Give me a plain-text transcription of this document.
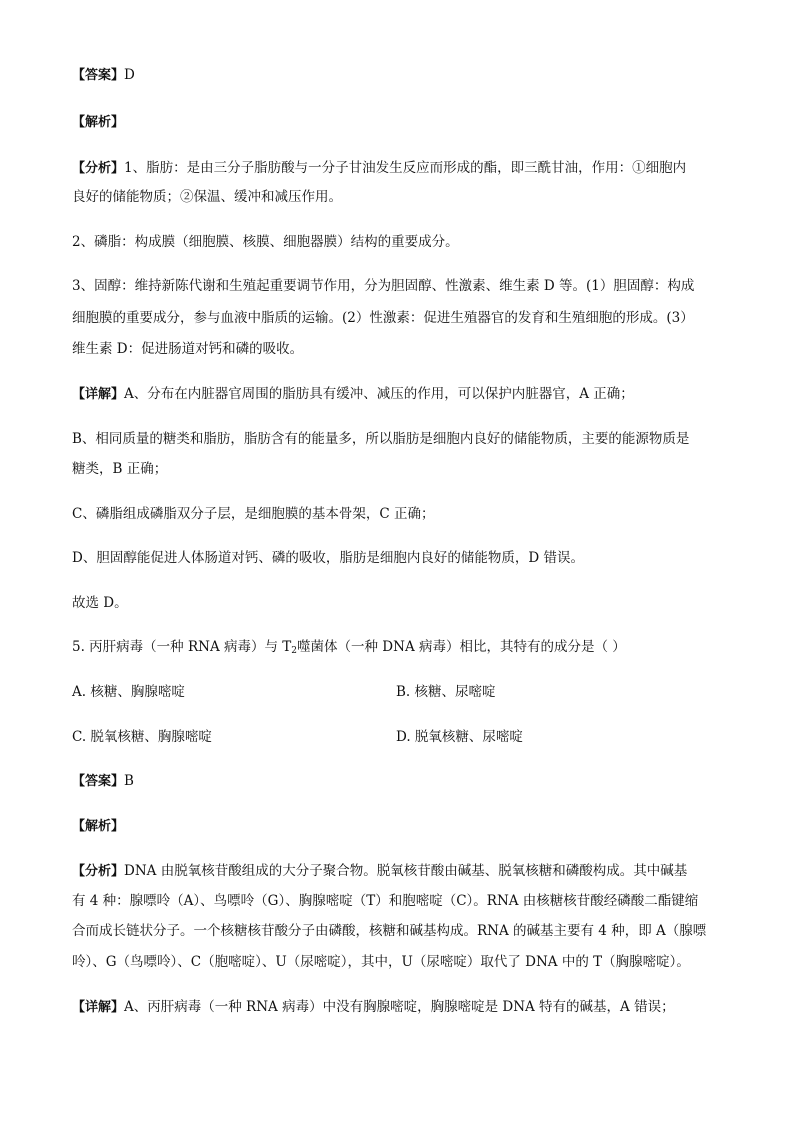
【答案】D
【解析】
【分析】1、脂肪：是由三分子脂肪酸与一分子甘油发生反应而形成的酯，即三酰甘油，作用：①细胞内
良好的储能物质；②保温、缓冲和减压作用。
2、磷脂：构成膜（细胞膜、核膜、细胞器膜）结构的重要成分。
3、固醇：维持新陈代谢和生殖起重要调节作用，分为胆固醇、性激素、维生素 D 等。(1）胆固醇：构成
细胞膜的重要成分，参与血液中脂质的运输。(2）性激素：促进生殖器官的发育和生殖细胞的形成。(3）
维生素 D：促进肠道对钙和磷的吸收。
【详解】A、分布在内脏器官周围的脂肪具有缓冲、减压的作用，可以保护内脏器官，A 正确；
B、相同质量的糖类和脂肪，脂肪含有的能量多，所以脂肪是细胞内良好的储能物质，主要的能源物质是
糖类，B 正确；
C、磷脂组成磷脂双分子层，是细胞膜的基本骨架，C 正确；
D、胆固醇能促进人体肠道对钙、磷的吸收，脂肪是细胞内良好的储能物质，D 错误。
故选 D。
5. 丙肝病毒（一种 RNA 病毒）与 $T_2$噬菌体（一种 DNA 病毒）相比，其特有的成分是（ ）
A. 核糖、胸腺嘧啶	B. 核糖、尿嘧啶
C. 脱氧核糖、胸腺嘧啶	D. 脱氧核糖、尿嘧啶
【答案】B
【解析】
【分析】DNA 由脱氧核苷酸组成的大分子聚合物。脱氧核苷酸由碱基、脱氧核糖和磷酸构成。其中碱基
有 4 种：腺嘌呤（A）、鸟嘌呤（G）、胸腺嘧啶（T）和胞嘧啶（C）。RNA 由核糖核苷酸经磷酸二酯键缩
合而成长链状分子。一个核糖核苷酸分子由磷酸，核糖和碱基构成。RNA 的碱基主要有 4 种，即 A（腺嘌
呤）、G（鸟嘌呤）、C（胞嘧啶）、U（尿嘧啶），其中，U（尿嘧啶）取代了 DNA 中的 T（胸腺嘧啶）。
【详解】A、丙肝病毒（一种 RNA 病毒）中没有胸腺嘧啶，胸腺嘧啶是 DNA 特有的碱基，A 错误；
